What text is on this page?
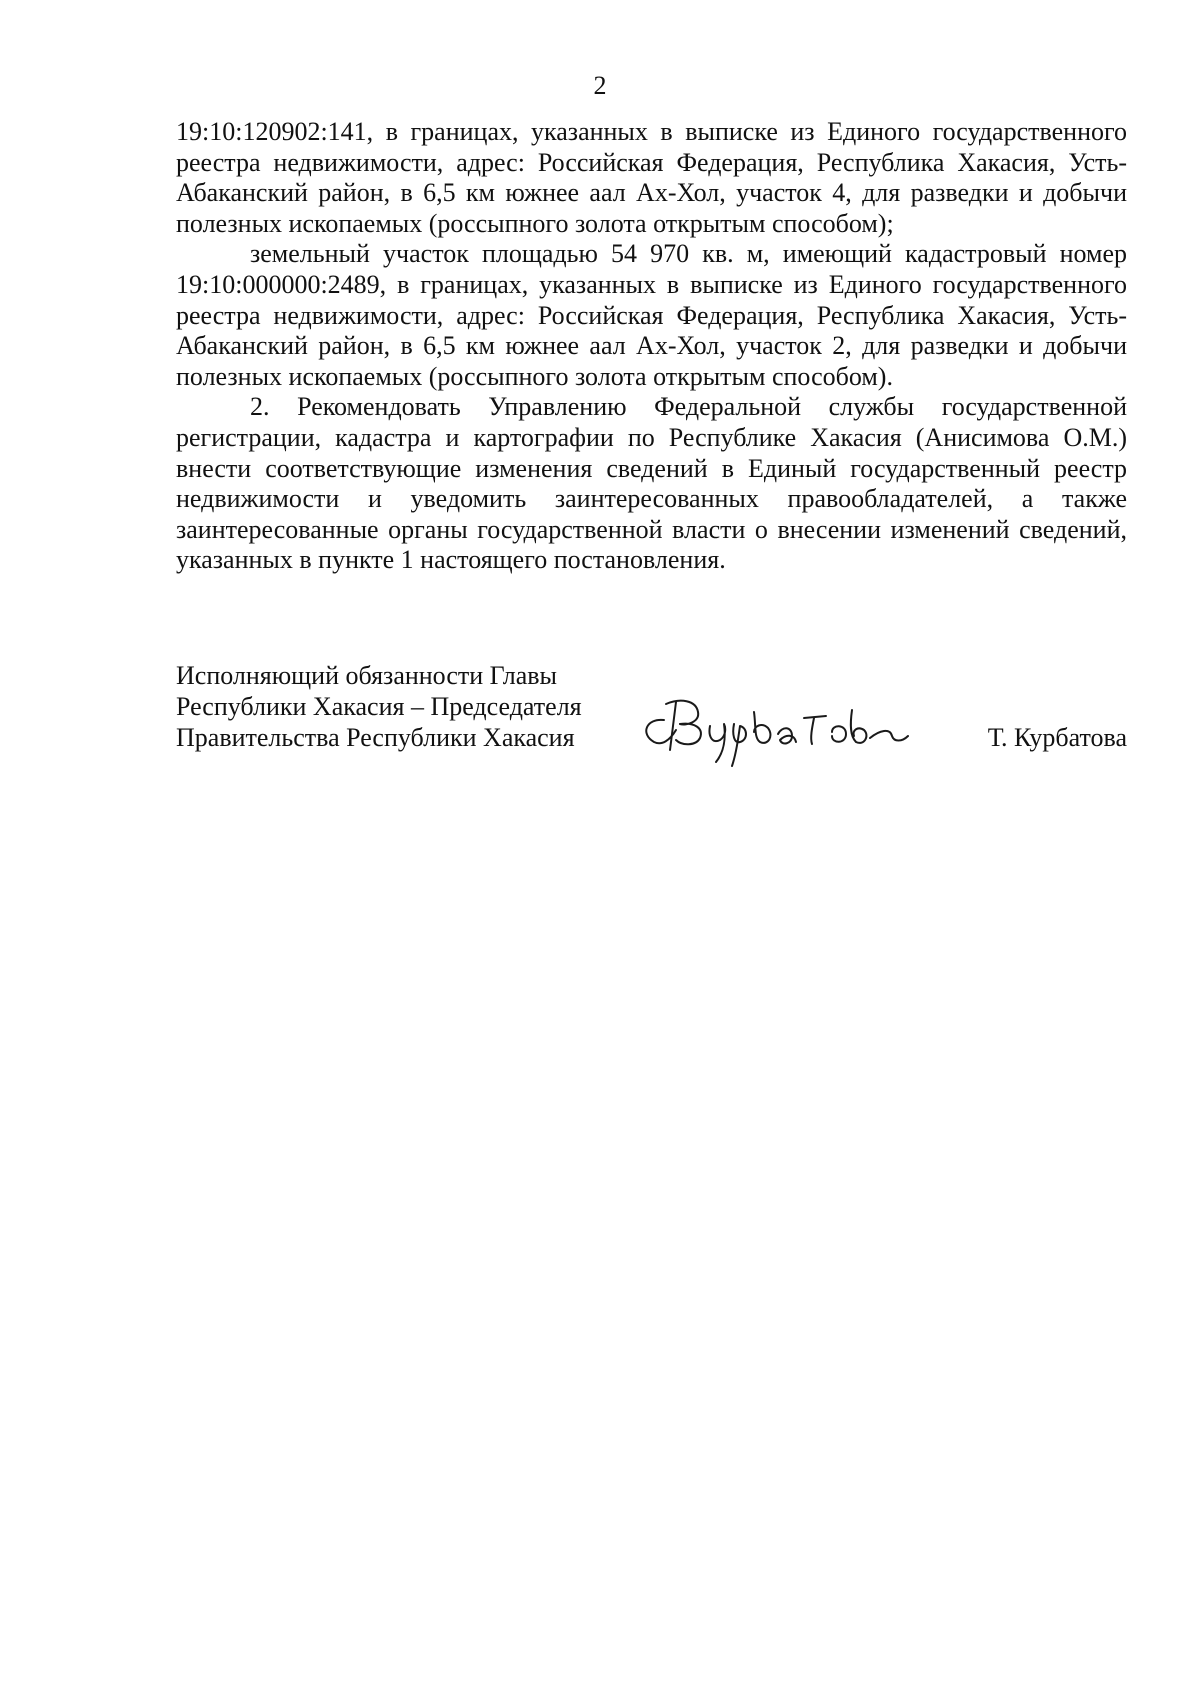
2

19:10:120902:141, в границах, указанных в выписке из Единого государственного реестра недвижимости, адрес: Российская Федерация, Республика Хакасия, Усть-Абаканский район, в 6,5 км южнее аал Ах-Хол, участок 4, для разведки и добычи полезных ископаемых (россыпного золота открытым способом);

земельный участок площадью 54 970 кв. м, имеющий кадастровый номер 19:10:000000:2489, в границах, указанных в выписке из Единого государственного реестра недвижимости, адрес: Российская Федерация, Республика Хакасия, Усть-Абаканский район, в 6,5 км южнее аал Ах-Хол, участок 2, для разведки и добычи полезных ископаемых (россыпного золота открытым способом).

2. Рекомендовать Управлению Федеральной службы государственной регистрации, кадастра и картографии по Республике Хакасия (Анисимова О.М.) внести соответствующие изменения сведений в Единый государственный реестр недвижимости и уведомить заинтересованных правообладателей, а также заинтересованные органы государственной власти о внесении изменений сведений, указанных в пункте 1 настоящего постановления.

Исполняющий обязанности Главы
Республики Хакасия – Председателя
Правительства Республики Хакасия	Т. Курбатова
